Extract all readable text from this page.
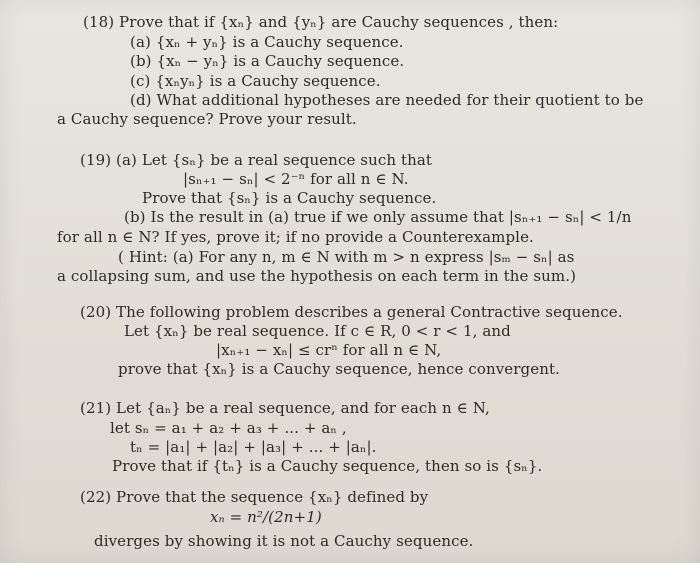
(18) Prove that if {xₙ} and {yₙ} are Cauchy sequences , then:
(a) {xₙ + yₙ} is a Cauchy sequence.
(b) {xₙ − yₙ} is a Cauchy sequence.
(c) {xₙyₙ} is a Cauchy sequence.
(d) What additional hypotheses are needed for their quotient to be
a Cauchy sequence? Prove your result.
(19) (a) Let {sₙ} be a real sequence such that
|sₙ₊₁ − sₙ| < 2⁻ⁿ for all n ∈ N.
Prove that {sₙ} is a Cauchy sequence.
(b) Is the result in (a) true if we only assume that |sₙ₊₁ − sₙ| < 1/n
for all n ∈ N? If yes, prove it; if no provide a Counterexample.
( Hint: (a) For any n, m ∈ N with m > n express |sₘ − sₙ| as
a collapsing sum, and use the hypothesis on each term in the sum.)
(20) The following problem describes a general Contractive sequence.
Let {xₙ} be real sequence. If c ∈ R, 0 < r < 1, and
|xₙ₊₁ − xₙ| ≤ crⁿ for all n ∈ N,
prove that {xₙ} is a Cauchy sequence, hence convergent.
(21) Let {aₙ} be a real sequence, and for each n ∈ N,
let sₙ = a₁ + a₂ + a₃ + ... + aₙ ,
tₙ = |a₁| + |a₂| + |a₃| + ... + |aₙ|.
Prove that if {tₙ} is a Cauchy sequence, then so is {sₙ}.
(22) Prove that the sequence {xₙ} defined by
xₙ = n²/(2n+1)
diverges by showing it is not a Cauchy sequence.
